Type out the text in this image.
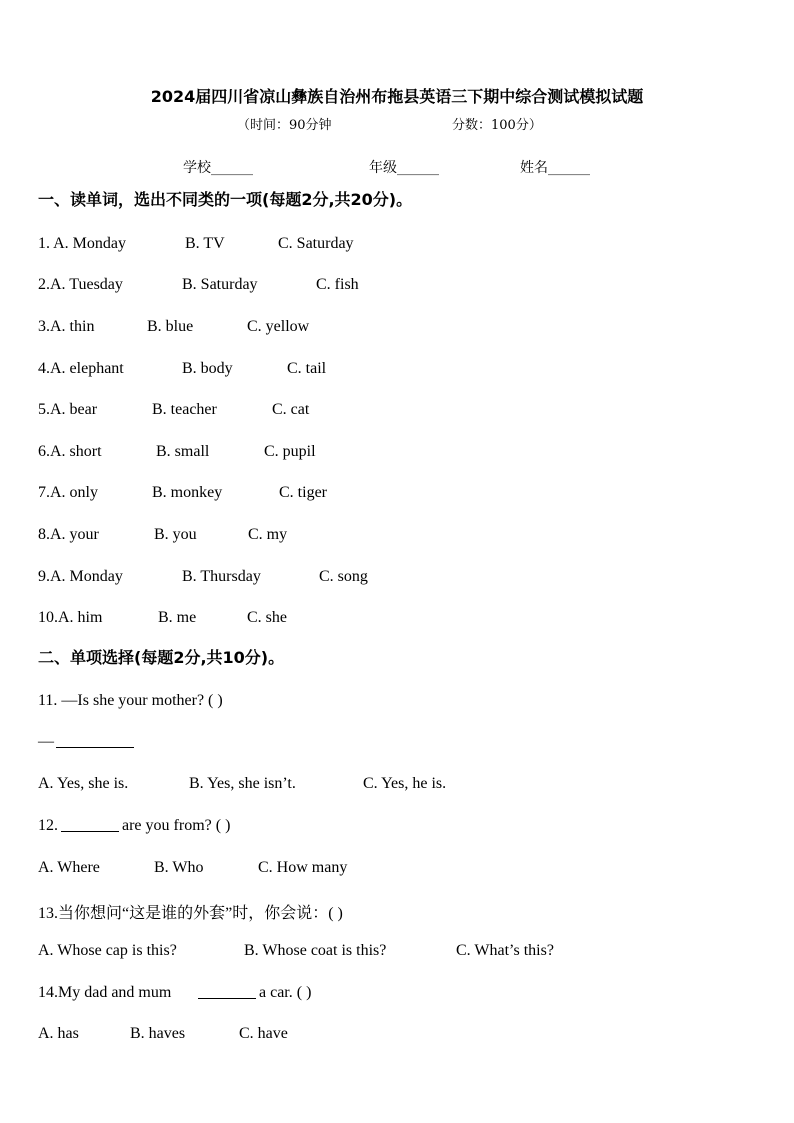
2024届四川省凉山彝族自治州布拖县英语三下期中综合测试模拟试题
（时间：90分钟	分数：100分）
学校______	年级______	姓名______
一、读单词，选出不同类的一项(每题2分,共20分)。
1. A. Monday	B. TV	C. Saturday
2.A. Tuesday	B. Saturday	C. fish
3.A. thin	B. blue	C. yellow
4.A. elephant	B. body	C. tail
5.A. bear	B. teacher	C. cat
6.A. short	B. small	C. pupil
7.A. only	B. monkey	C. tiger
8.A. your	B. you	C. my
9.A. Monday	B. Thursday	C. song
10.A. him	B. me	C. she
二、单项选择(每题2分,共10分)。
11. —Is she your mother? ( )
—
A. Yes, she is.	B. Yes, she isn’t.	C. Yes, he is.
12.	are you from? ( )
A. Where	B. Who	C. How many
13.当你想问“这是谁的外套”时，你会说：( )
A. Whose cap is this?	B. Whose coat is this?	C. What’s this?
14.My dad and mum	a car. ( )
A. has	B. haves	C. have
